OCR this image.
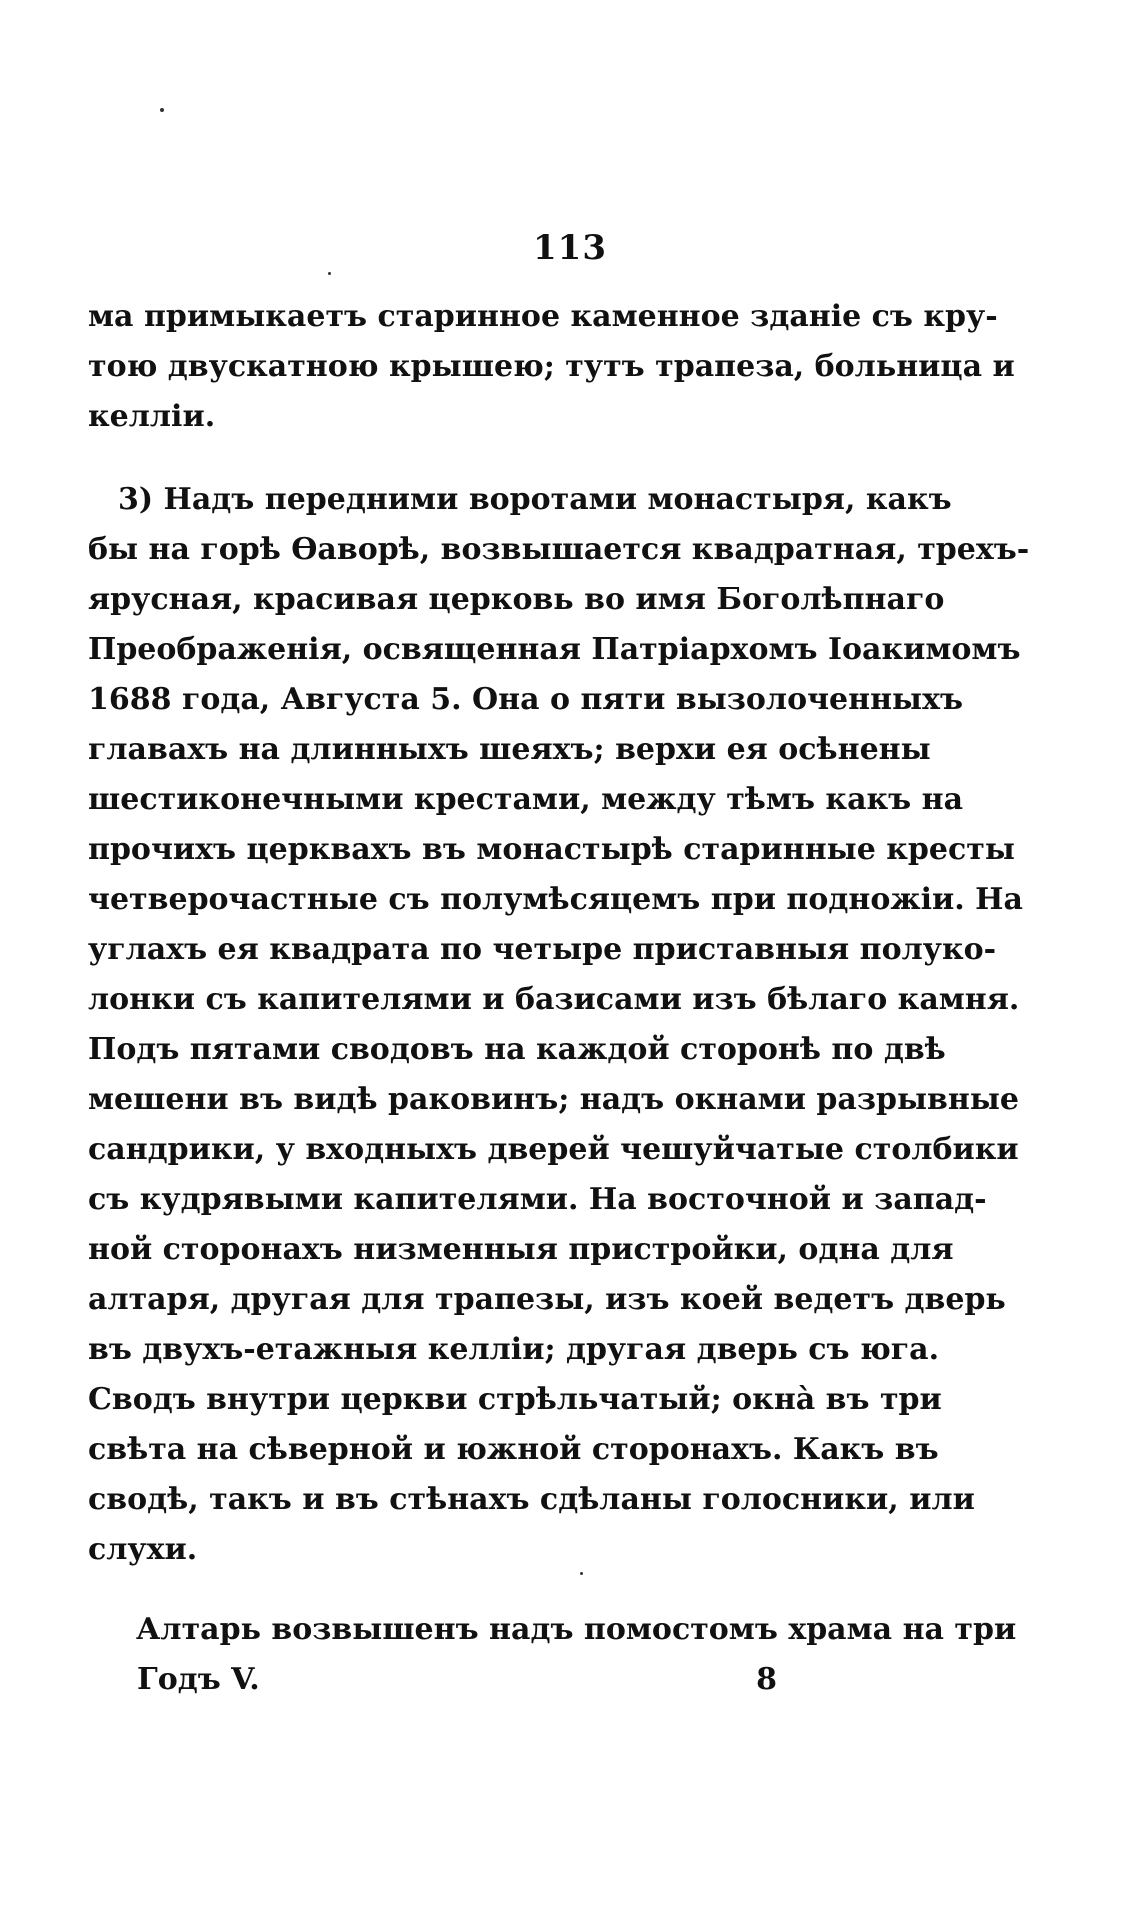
113
ма примыкаетъ старинное каменное зданіе съ кру-
тою двускатною крышею; тутъ трапеза, больница и
келліи.
3) Надъ передними воротами монастыря, какъ
бы на горѣ Ѳаворѣ, возвышается квадратная, трехъ-
ярусная, красивая церковь во имя Боголѣпнаго
Преображенія, освященная Патріархомъ Іоакимомъ
1688 года, Августа 5. Она о пяти вызолоченныхъ
главахъ на длинныхъ шеяхъ; верхи ея осѣнены
шестиконечными крестами, между тѣмъ какъ на
прочихъ церквахъ въ монастырѣ старинные кресты
четверочастные съ полумѣсяцемъ при подножіи. На
углахъ ея квадрата по четыре приставныя полуко-
лонки съ капителями и базисами изъ бѣлаго камня.
Подъ пятами сводовъ на каждой сторонѣ по двѣ
мешени въ видѣ раковинъ; надъ окнами разрывные
сандрики, у входныхъ дверей чешуйчатые столбики
съ кудрявыми капителями. На восточной и запад-
ной сторонахъ низменныя пристройки, одна для
алтаря, другая для трапезы, изъ коей ведетъ дверь
въ двухъ-етажныя келліи; другая дверь съ юга.
Сводъ внутри церкви стрѣльчатый; окнà въ три
свѣта на сѣверной и южной сторонахъ. Какъ въ
сводѣ, такъ и въ стѣнахъ сдѣланы голосники, или
слухи.
Алтарь возвышенъ надъ помостомъ храма на три
Годъ V.	8
